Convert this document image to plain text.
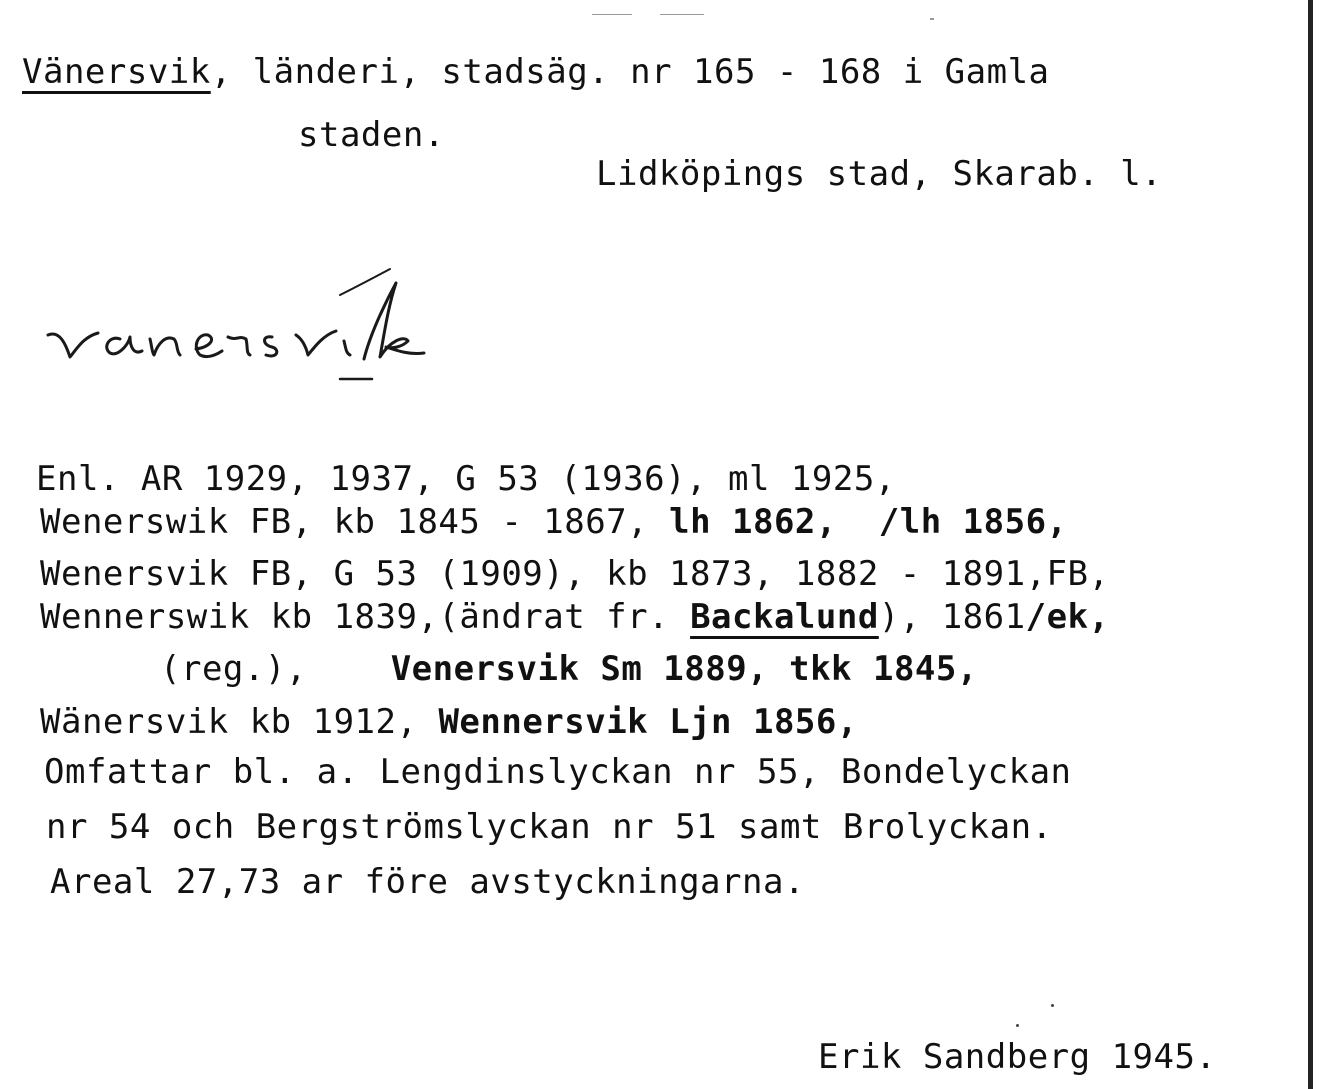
Vänersvik, länderi, stadsäg. nr 165 - 168 i Gamla
staden.
Lidköpings stad, Skarab. l.
Enl. AR 1929, 1937, G 53 (1936), ml 1925,
Wenerswik FB, kb 1845 - 1867, lh 1862,  /lh 1856,
Wenersvik FB, G 53 (1909), kb 1873, 1882 - 1891,FB,
Wennerswik kb 1839,(ändrat fr. Backalund), 1861/ek,
(reg.), Venersvik Sm 1889, tkk 1845,
Wänersvik kb 1912, Wennersvik Ljn 1856,
Omfattar bl. a. Lengdinslyckan nr 55, Bondelyckan
nr 54 och Bergströmslyckan nr 51 samt Brolyckan.
Areal 27,73 ar före avstyckningarna.
Erik Sandberg 1945.
